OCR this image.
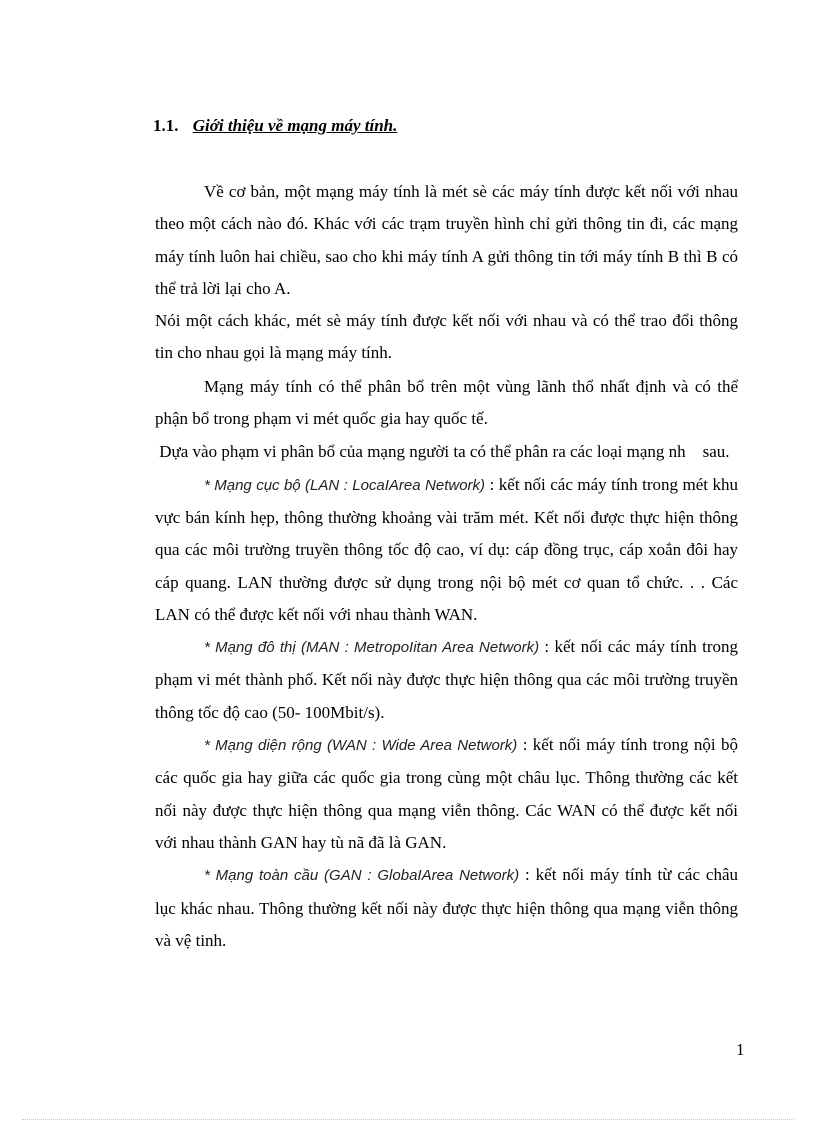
1.1. Giới thiệu về mạng máy tính.

Về cơ bản, một mạng máy tính là mét sè các máy tính được kết nối với nhau theo một cách nào đó. Khác với các trạm truyền hình chỉ gửi thông tin đi, các mạng máy tính luôn hai chiều, sao cho khi máy tính A gửi thông tin tới máy tính B thì B có thể trả lời lại cho A.

Nói một cách khác, mét sè máy tính được kết nối với nhau và có thể trao đổi thông tin cho nhau gọi là mạng máy tính.

Mạng máy tính có thể phân bổ trên một vùng lãnh thổ nhất định và có thể phận bổ trong phạm vi mét quốc gia hay quốc tế.

Dựa vào phạm vi phân bổ của mạng người ta có thể phân ra các loại mạng nh    sau.

* Mạng cục bộ (LAN : LocaIArea Network) : kết nối các máy tính trong mét khu vực bán kính hẹp, thông thường khoảng vài trăm mét. Kết nối được thực hiện thông qua các môi trường truyền thông tốc độ cao, ví dụ: cáp đồng trục, cáp xoắn đôi hay cáp quang. LAN thường được sử dụng trong nội bộ mét cơ quan tổ chức. . . Các LAN có thể được kết nối với nhau thành WAN.

* Mạng đô thị (MAN : MetropoIitan Area Network) : kết nối các máy tính trong phạm vi mét thành phố. Kết nối này được thực hiện thông qua các môi trường truyền thông tốc độ cao (50- 100Mbit/s).

* Mạng diện rộng (WAN : Wide Area Network) : kết nối máy tính trong nội bộ các quốc gia hay giữa các quốc gia trong cùng một châu lục. Thông thường các kết nối này được thực hiện thông qua mạng viễn thông. Các WAN có thể được kết nối với nhau thành GAN hay tù nã đã là GAN.

* Mạng toàn cầu (GAN : GlobaIArea Network) : kết nối máy tính từ các châu lục khác nhau. Thông thường kết nối này được thực hiện thông qua mạng viễn thông và vệ tinh.

1
